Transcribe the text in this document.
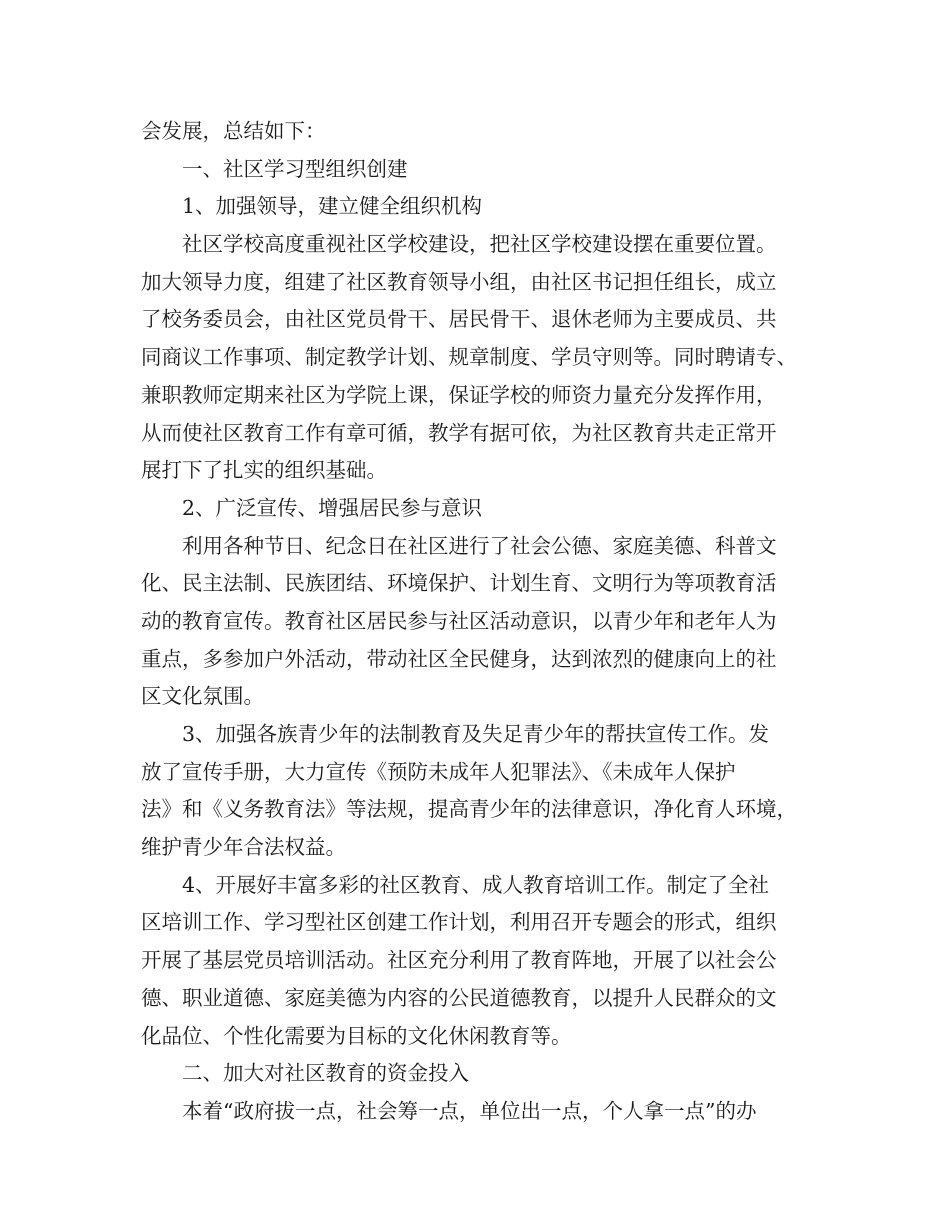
会发展，总结如下：
一、社区学习型组织创建
1、加强领导，建立健全组织机构
社区学校高度重视社区学校建设，把社区学校建设摆在重要位置。
加大领导力度，组建了社区教育领导小组，由社区书记担任组长，成立
了校务委员会，由社区党员骨干、居民骨干、退休老师为主要成员、共
同商议工作事项、制定教学计划、规章制度、学员守则等。同时聘请专、
兼职教师定期来社区为学院上课，保证学校的师资力量充分发挥作用，
从而使社区教育工作有章可循，教学有据可依，为社区教育共走正常开
展打下了扎实的组织基础。
2、广泛宣传、增强居民参与意识
利用各种节日、纪念日在社区进行了社会公德、家庭美德、科普文
化、民主法制、民族团结、环境保护、计划生育、文明行为等项教育活
动的教育宣传。教育社区居民参与社区活动意识，以青少年和老年人为
重点，多参加户外活动，带动社区全民健身，达到浓烈的健康向上的社
区文化氛围。
3、加强各族青少年的法制教育及失足青少年的帮扶宣传工作。发
放了宣传手册，大力宣传《预防未成年人犯罪法》、《未成年人保护
法》和《义务教育法》等法规，提高青少年的法律意识，净化育人环境，
维护青少年合法权益。
4、开展好丰富多彩的社区教育、成人教育培训工作。制定了全社
区培训工作、学习型社区创建工作计划，利用召开专题会的形式，组织
开展了基层党员培训活动。社区充分利用了教育阵地，开展了以社会公
德、职业道德、家庭美德为内容的公民道德教育，以提升人民群众的文
化品位、个性化需要为目标的文化休闲教育等。
二、加大对社区教育的资金投入
本着“政府拔一点，社会筹一点，单位出一点，个人拿一点”的办
